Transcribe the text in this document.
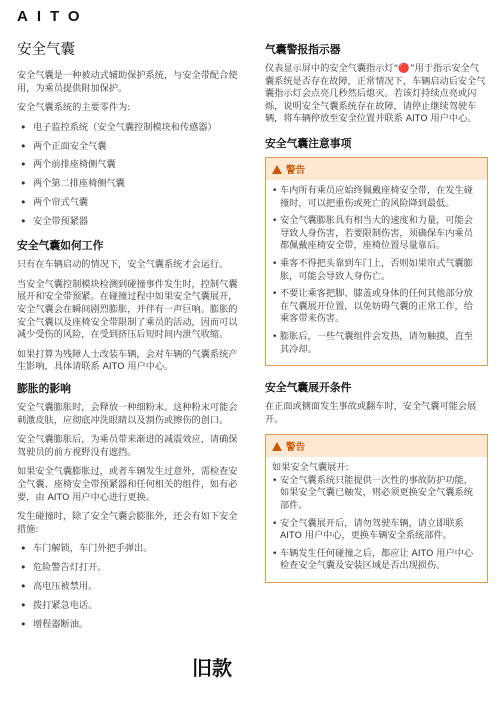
AITO
安全气囊

安全气囊是一种被动式辅助保护系统，与安全带配合使用，为乘员提供附加保护。

安全气囊系统的主要零件为:

• 电子监控系统（安全气囊控制模块和传感器）
• 两个正面安全气囊
• 两个前排座椅侧气囊
• 两个第二排座椅侧气囊
• 两个帘式气囊
• 安全带预紧器
安全气囊如何工作

只有在车辆启动的情况下，安全气囊系统才会运行。

当安全气囊控制模块检测到碰撞事件发生时，控制气囊展开和安全带预紧。在碰撞过程中如果安全气囊展开，安全气囊会在瞬间剧烈膨胀，并伴有一声巨响。膨胀的安全气囊以及座椅安全带限制了乘员的活动，因而可以减少受伤的风险，在受到挤压后短时间内泄气收缩。

如果打算为残障人士改装车辆，会对车辆的气囊系统产生影响，具体请联系 AITO 用户中心。

膨胀的影响

安全气囊膨胀时，会释放一种细粉末。这种粉末可能会刺激皮肤，应彻底冲洗眼睛以及割伤或擦伤的创口。

安全气囊膨胀后，为乘员带来渐进的减震效应，请确保驾驶员的前方视野没有遮挡。

如果安全气囊膨胀过，或者车辆发生过意外，需检查安全气囊、座椅安全带预紧器和任何相关的组件，如有必要，由 AITO 用户中心进行更换。

发生碰撞时，除了安全气囊会膨胀外，还会有如下安全措施:

• 车门解锁，车门外把手弹出。
• 危险警告灯打开。
• 高电压被禁用。
• 拨打紧急电话。
• 增程器断油。
气囊警报指示器

仪表显示屏中的安全气囊指示灯“🔴”用于指示安全气囊系统是否存在故障，正常情况下，车辆启动后安全气囊指示灯会点亮几秒然后熄灭。若该灯持续点亮或闪烁，说明安全气囊系统存在故障，请停止继续驾驶车辆，将车辆停放至安全位置并联系 AITO 用户中心。

安全气囊注意事项
警告
• 车内所有乘员应始终佩戴座椅安全带，在发生碰撞时，可以把重伤或死亡的风险降到最低。
• 安全气囊膨胀具有相当大的速度和力量，可能会导致人身伤害，若要限制伤害，须确保车内乘员都佩戴座椅安全带，座椅位置尽量靠后。
• 乘客不得把头靠到车门上，否则如果帘式气囊膨胀，可能会导致人身伤亡。
• 不要让乘客把脚、膝盖或身体的任何其他部分放在气囊展开位置，以免妨碍气囊的正常工作，给乘客带来伤害。
• 膨胀后，一些气囊组件会发热，请勿触摸，直至其冷却。
安全气囊展开条件

在正面或侧面发生事故或翻车时，安全气囊可能会展开。

警告

如果安全气囊展开:

• 安全气囊系统只能提供一次性的事故防护功能，如果安全气囊已触发，则必须更换安全气囊系统部件。
• 安全气囊展开后，请勿驾驶车辆，请立即联系 AITO 用户中心，更换车辆安全系统部件。
• 车辆发生任何碰撞之后，都应让 AITO 用户中心检查安全气囊及安装区域是否出现损伤。
旧款
